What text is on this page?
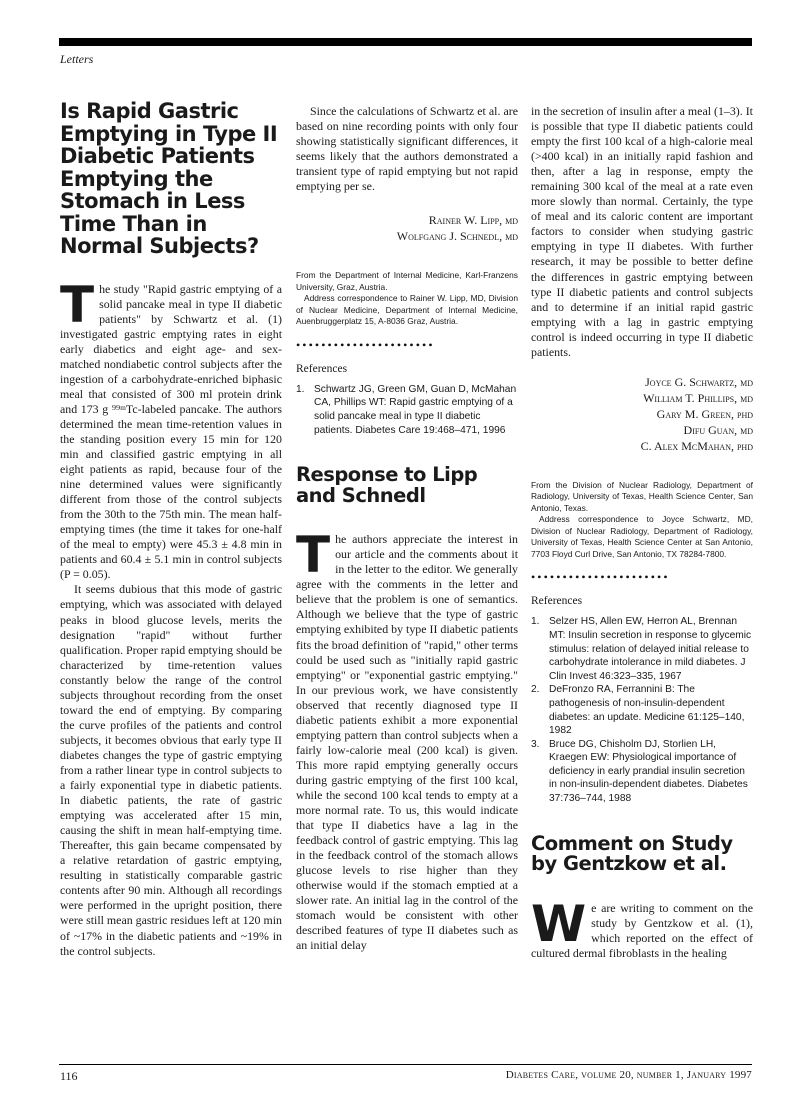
Letters
Is Rapid Gastric Emptying in Type II Diabetic Patients Emptying the Stomach in Less Time Than in Normal Subjects?

The study "Rapid gastric emptying of a solid pancake meal in type II diabetic patients" by Schwartz et al. (1) investigated gastric emptying rates in eight early diabetics and eight age- and sex-matched nondiabetic control subjects after the ingestion of a carbohydrate-enriched biphasic meal that consisted of 300 ml protein drink and 173 g ⁹⁹ᵐTc-labeled pancake. The authors determined the mean time-retention values in the standing position every 15 min for 120 min and classified gastric emptying in all eight patients as rapid, because four of the nine determined values were significantly different from those of the control subjects from the 30th to the 75th min. The mean half-emptying times (the time it takes for one-half of the meal to empty) were 45.3 ± 4.8 min in patients and 60.4 ± 5.1 min in control subjects (P = 0.05).

It seems dubious that this mode of gastric emptying, which was associated with delayed peaks in blood glucose levels, merits the designation "rapid" without further qualification. Proper rapid emptying should be characterized by time-retention values constantly below the range of the control subjects throughout recording from the onset toward the end of emptying. By comparing the curve profiles of the patients and control subjects, it becomes obvious that early type II diabetes changes the type of gastric emptying from a rather linear type in control subjects to a fairly exponential type in diabetic patients. In diabetic patients, the rate of gastric emptying was accelerated after 15 min, causing the shift in mean half-emptying time. Thereafter, this gain became compensated by a relative retardation of gastric emptying, resulting in statistically comparable gastric contents after 90 min. Although all recordings were performed in the upright position, there were still mean gastric residues left at 120 min of ~17% in the diabetic patients and ~19% in the control subjects.

Since the calculations of Schwartz et al. are based on nine recording points with only four showing statistically significant differences, it seems likely that the authors demonstrated a transient type of rapid emptying but not rapid emptying per se.

Rainer W. Lipp, md
Wolfgang J. Schnedl, md

From the Department of Internal Medicine, Karl-Franzens University, Graz, Austria.

Address correspondence to Rainer W. Lipp, MD, Division of Nuclear Medicine, Department of Internal Medicine, Auenbruggerplatz 15, A-8036 Graz, Austria.

••••••••••••••••••••••
References
1. Schwartz JG, Green GM, Guan D, McMahan CA, Phillips WT: Rapid gastric emptying of a solid pancake meal in type II diabetic patients. Diabetes Care 19:468–471, 1996
Response to Lipp and Schnedl

The authors appreciate the interest in our article and the comments about it in the letter to the editor. We generally agree with the comments in the letter and believe that the problem is one of semantics. Although we believe that the type of gastric emptying exhibited by type II diabetic patients fits the broad definition of "rapid," other terms could be used such as "initially rapid gastric emptying" or "exponential gastric emptying." In our previous work, we have consistently observed that recently diagnosed type II diabetic patients exhibit a more exponential emptying pattern than control subjects when a fairly low-calorie meal (200 kcal) is given. This more rapid emptying generally occurs during gastric emptying of the first 100 kcal, while the second 100 kcal tends to empty at a more normal rate. To us, this would indicate that type II diabetics have a lag in the feedback control of gastric emptying. This lag in the feedback control of the stomach allows glucose levels to rise higher than they otherwise would if the stomach emptied at a slower rate. An initial lag in the control of the stomach would be consistent with other described features of type II diabetes such as an initial delay

in the secretion of insulin after a meal (1–3). It is possible that type II diabetic patients could empty the first 100 kcal of a high-calorie meal (>400 kcal) in an initially rapid fashion and then, after a lag in response, empty the remaining 300 kcal of the meal at a rate even more slowly than normal. Certainly, the type of meal and its caloric content are important factors to consider when studying gastric emptying in type II diabetes. With further research, it may be possible to better define the differences in gastric emptying between type II diabetic patients and control subjects and to determine if an initial rapid gastric emptying with a lag in gastric emptying control is indeed occurring in type II diabetic patients.

Joyce G. Schwartz, md
William T. Phillips, md
Gary M. Green, phd
Difu Guan, md
C. Alex McMahan, phd

From the Division of Nuclear Radiology, Department of Radiology, University of Texas, Health Science Center, San Antonio, Texas.

Address correspondence to Joyce Schwartz, MD, Division of Nuclear Radiology, Department of Radiology, University of Texas, Health Science Center at San Antonio, 7703 Floyd Curl Drive, San Antonio, TX 78284-7800.

••••••••••••••••••••••
References
1. Selzer HS, Allen EW, Herron AL, Brennan MT: Insulin secretion in response to glycemic stimulus: relation of delayed initial release to carbohydrate intolerance in mild diabetes. J Clin Invest 46:323–335, 1967
2. DeFronzo RA, Ferrannini B: The pathogenesis of non-insulin-dependent diabetes: an update. Medicine 61:125–140, 1982
3. Bruce DG, Chisholm DJ, Storlien LH, Kraegen EW: Physiological importance of deficiency in early prandial insulin secretion in non-insulin-dependent diabetes. Diabetes 37:736–744, 1988
Comment on Study by Gentzkow et al.

We are writing to comment on the study by Gentzkow et al. (1), which reported on the effect of cultured dermal fibroblasts in the healing

116	Diabetes Care, volume 20, number 1, January 1997
